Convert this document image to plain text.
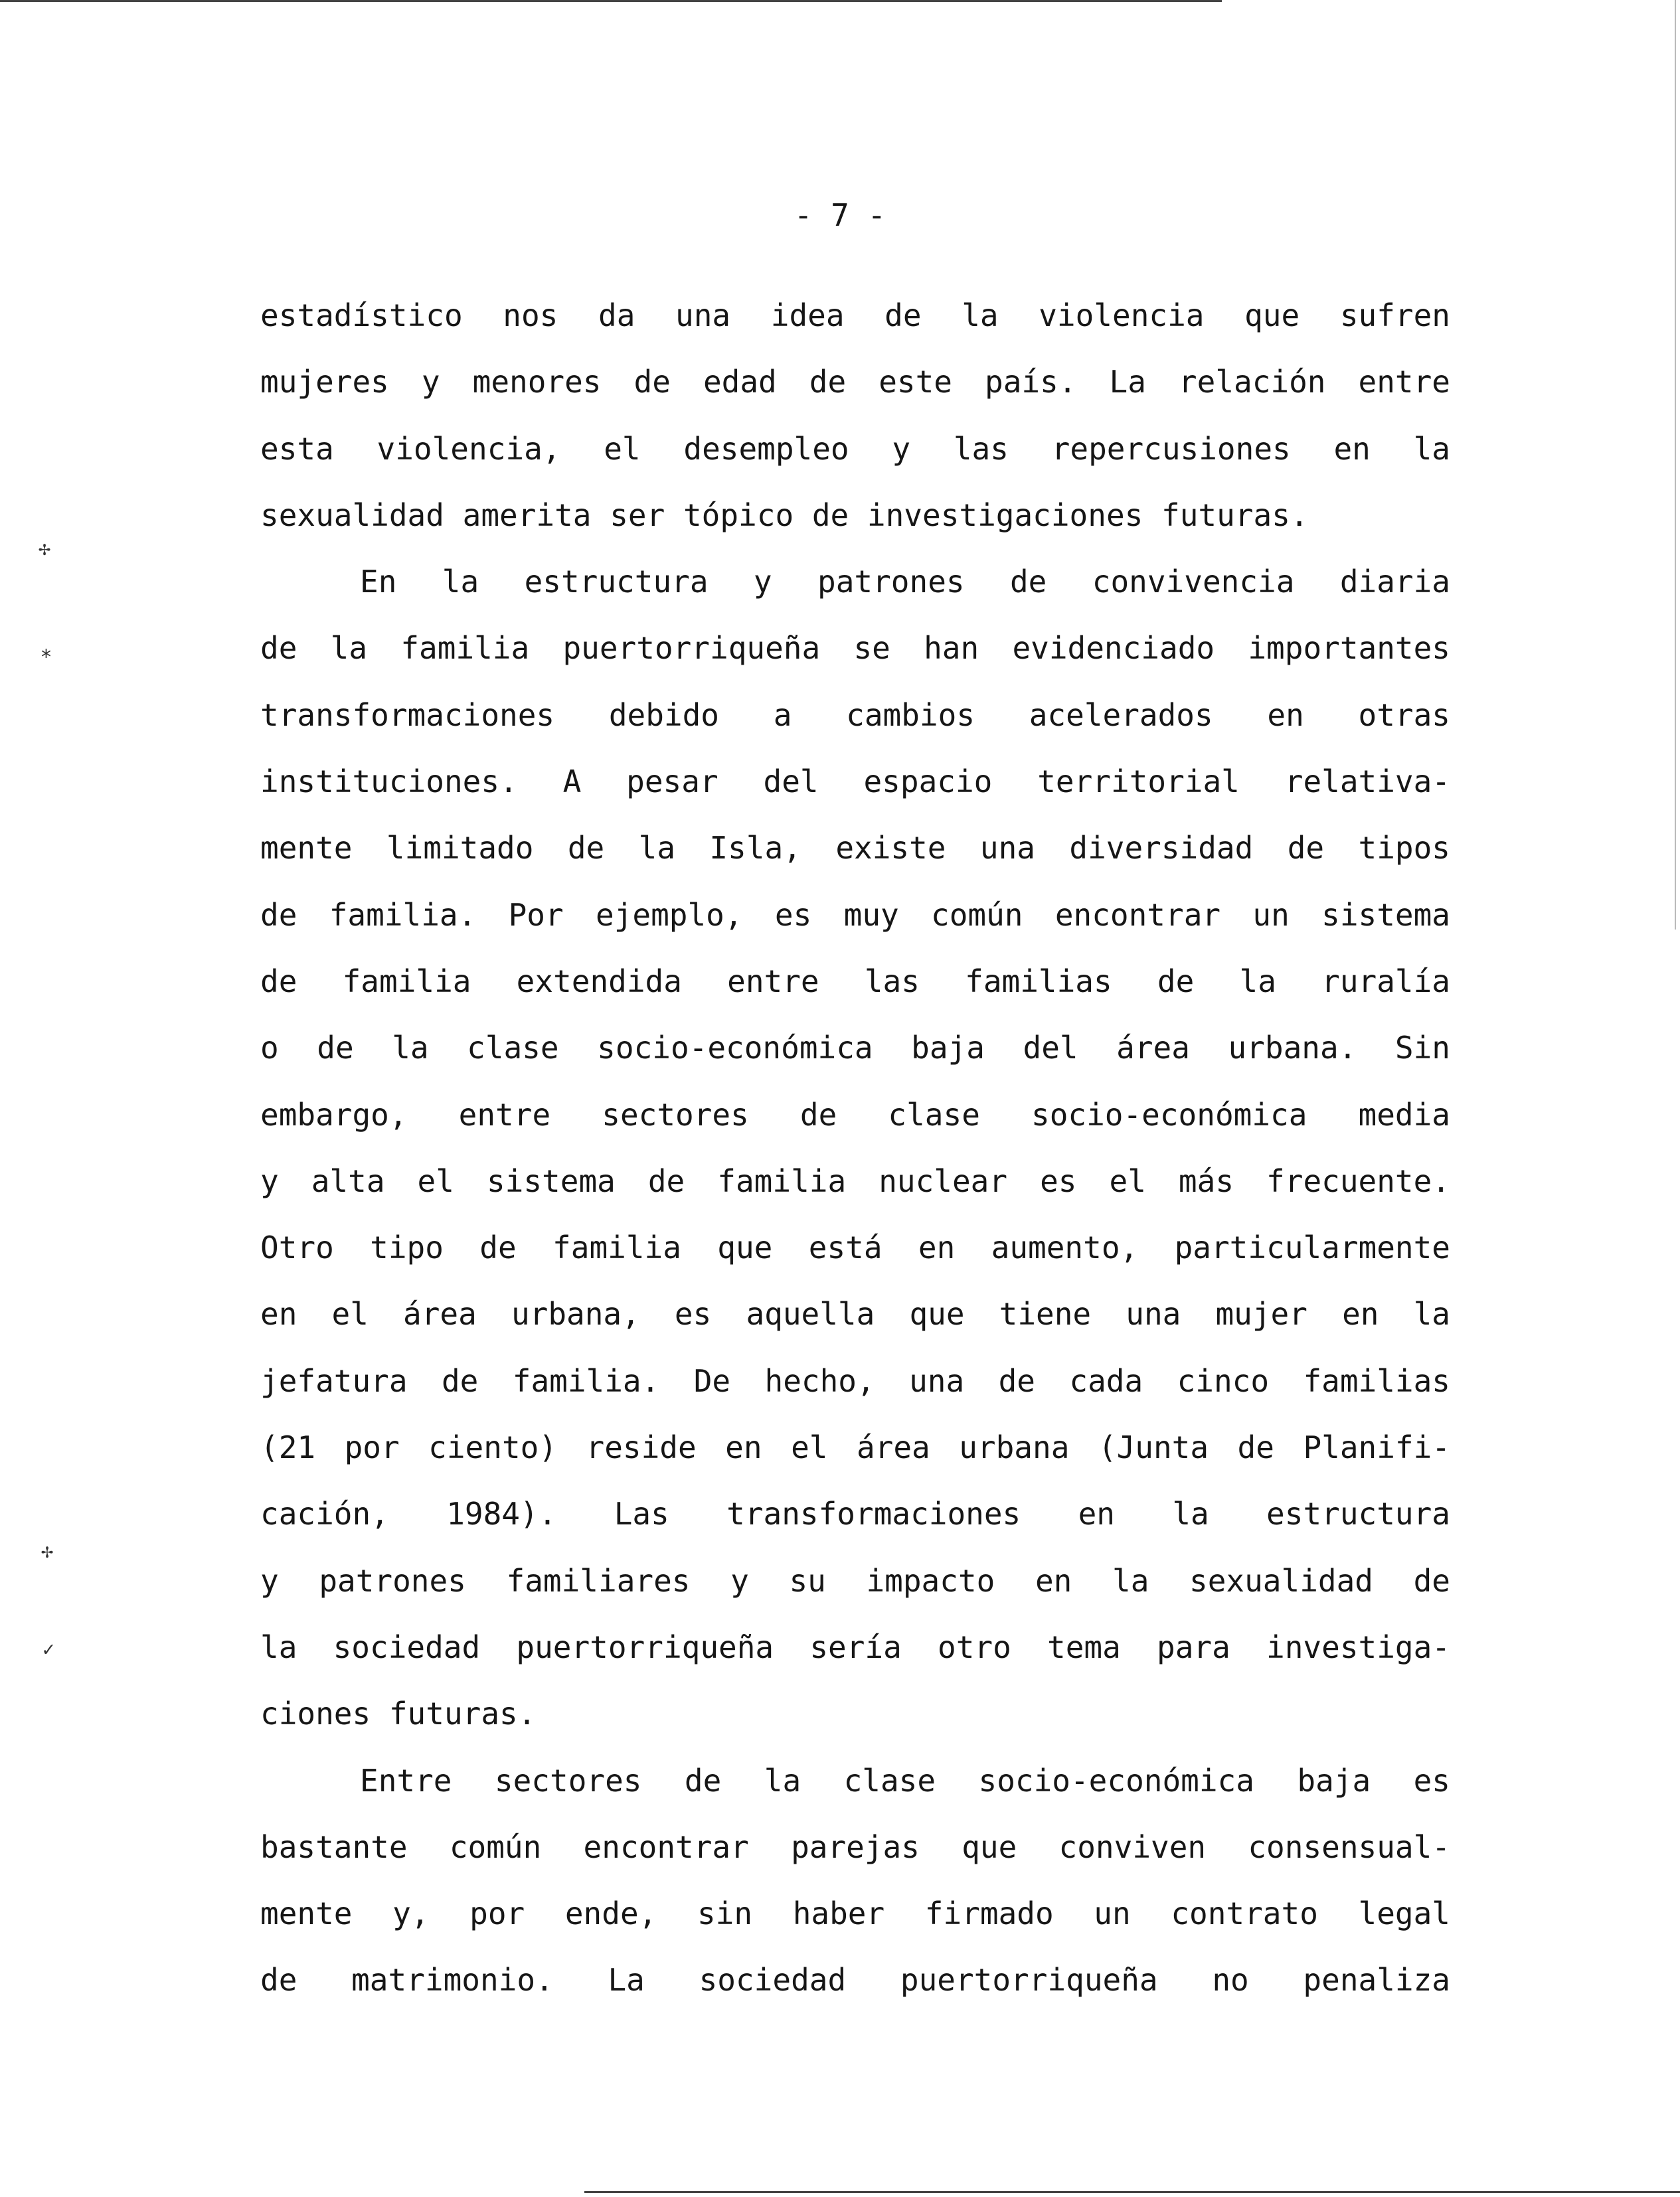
✢
⁎
✢
✓
- 7 -
estadístico nos da una idea de la violencia que sufren
mujeres y menores de edad de este país. La relación entre
esta violencia, el desempleo y las repercusiones en la
sexualidad amerita ser tópico de investigaciones futuras.
En la estructura y patrones de convivencia diaria
de la familia puertorriqueña se han evidenciado importantes
transformaciones debido a cambios acelerados en otras
instituciones. A pesar del espacio territorial relativa-
mente limitado de la Isla, existe una diversidad de tipos
de familia. Por ejemplo, es muy común encontrar un sistema
de familia extendida entre las familias de la ruralía
o de la clase socio-económica baja del área urbana. Sin
embargo, entre sectores de clase socio-económica media
y alta el sistema de familia nuclear es el más frecuente.
Otro tipo de familia que está en aumento, particularmente
en el área urbana, es aquella que tiene una mujer en la
jefatura de familia. De hecho, una de cada cinco familias
(21 por ciento) reside en el área urbana (Junta de Planifi-
cación, 1984). Las transformaciones en la estructura
y patrones familiares y su impacto en la sexualidad de
la sociedad puertorriqueña sería otro tema para investiga-
ciones futuras.
Entre sectores de la clase socio-económica baja es
bastante común encontrar parejas que conviven consensual-
mente y, por ende, sin haber firmado un contrato legal
de matrimonio. La sociedad puertorriqueña no penaliza
